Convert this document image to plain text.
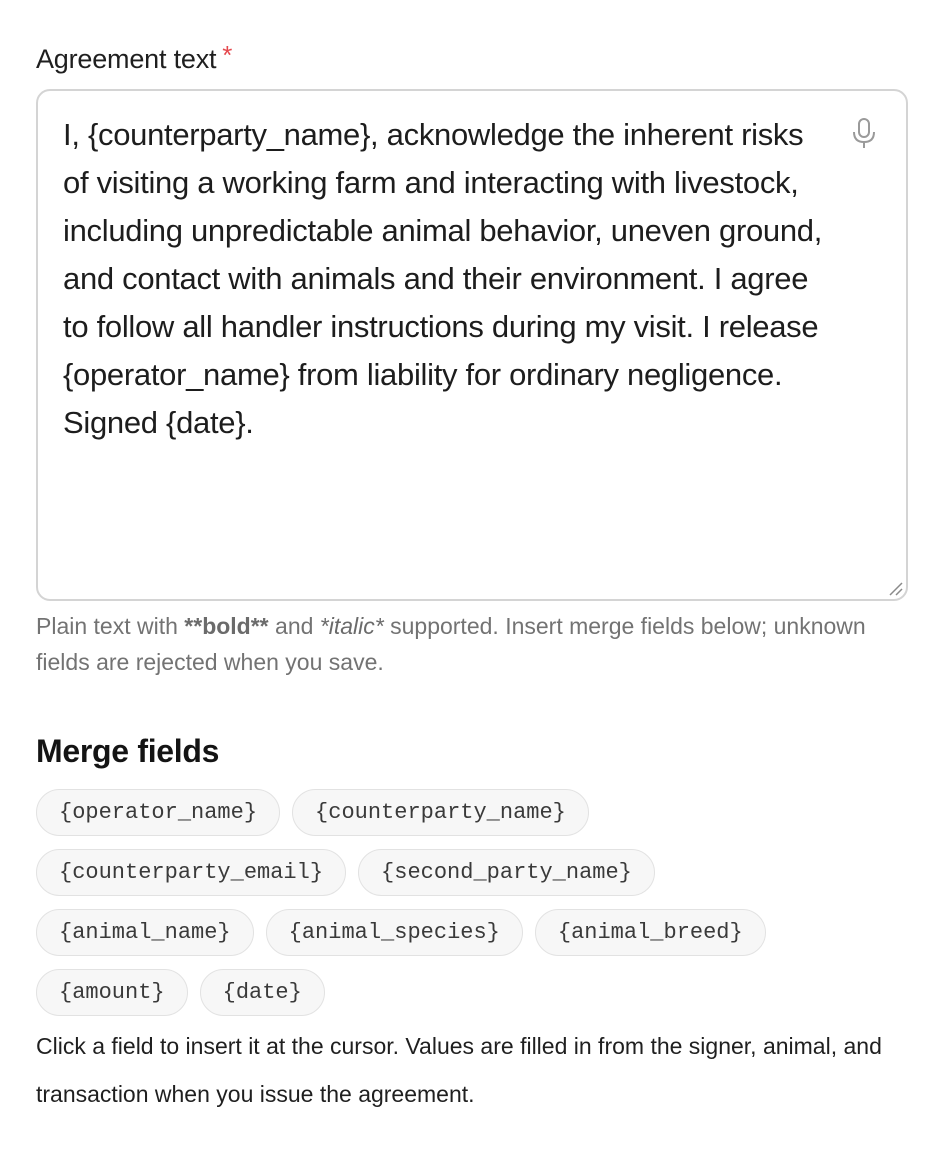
Agreement text *
I, {counterparty_name}, acknowledge the inherent risks of visiting a working farm and interacting with livestock, including unpredictable animal behavior, uneven ground, and contact with animals and their environment. I agree to follow all handler instructions during my visit. I release {operator_name} from liability for ordinary negligence. Signed {date}.
Plain text with **bold** and *italic* supported. Insert merge fields below; unknown fields are rejected when you save.
Merge fields
{operator_name}	{counterparty_name}
{counterparty_email}	{second_party_name}
{animal_name}	{animal_species}	{animal_breed}
{amount}	{date}
Click a field to insert it at the cursor. Values are filled in from the signer, animal, and transaction when you issue the agreement.
